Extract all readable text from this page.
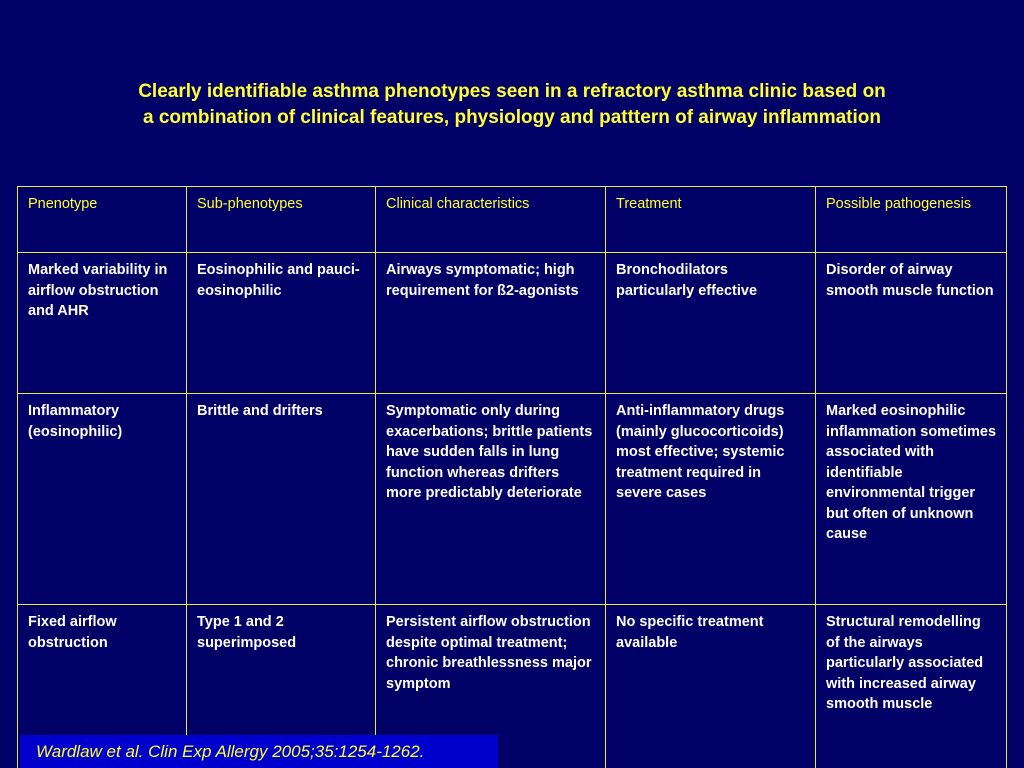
Clearly identifiable asthma phenotypes seen in a refractory asthma clinic based on
a combination of clinical features, physiology and patttern of airway inflammation
Pnenotype	Sub-phenotypes	Clinical characteristics	Treatment	Possible pathogenesis
Marked variability in airflow obstruction and AHR	Eosinophilic and pauci-eosinophilic	Airways symptomatic; high requirement for ß2-agonists	Bronchodilators particularly effective	Disorder of airway smooth muscle function
Inflammatory (eosinophilic)	Brittle and drifters	Symptomatic only during exacerbations; brittle patients have sudden falls in lung function whereas drifters more predictably deteriorate	Anti-inflammatory drugs (mainly glucocorticoids) most effective; systemic treatment required in severe cases	Marked eosinophilic inflammation sometimes associated with identifiable environmental trigger but often of unknown cause
Fixed airflow obstruction	Type 1 and 2 superimposed	Persistent airflow obstruction despite optimal treatment; chronic breathlessness major symptom	No specific treatment available	Structural remodelling of the airways particularly associated with increased airway smooth muscle
Wardlaw et al. Clin Exp Allergy 2005;35:1254-1262.
